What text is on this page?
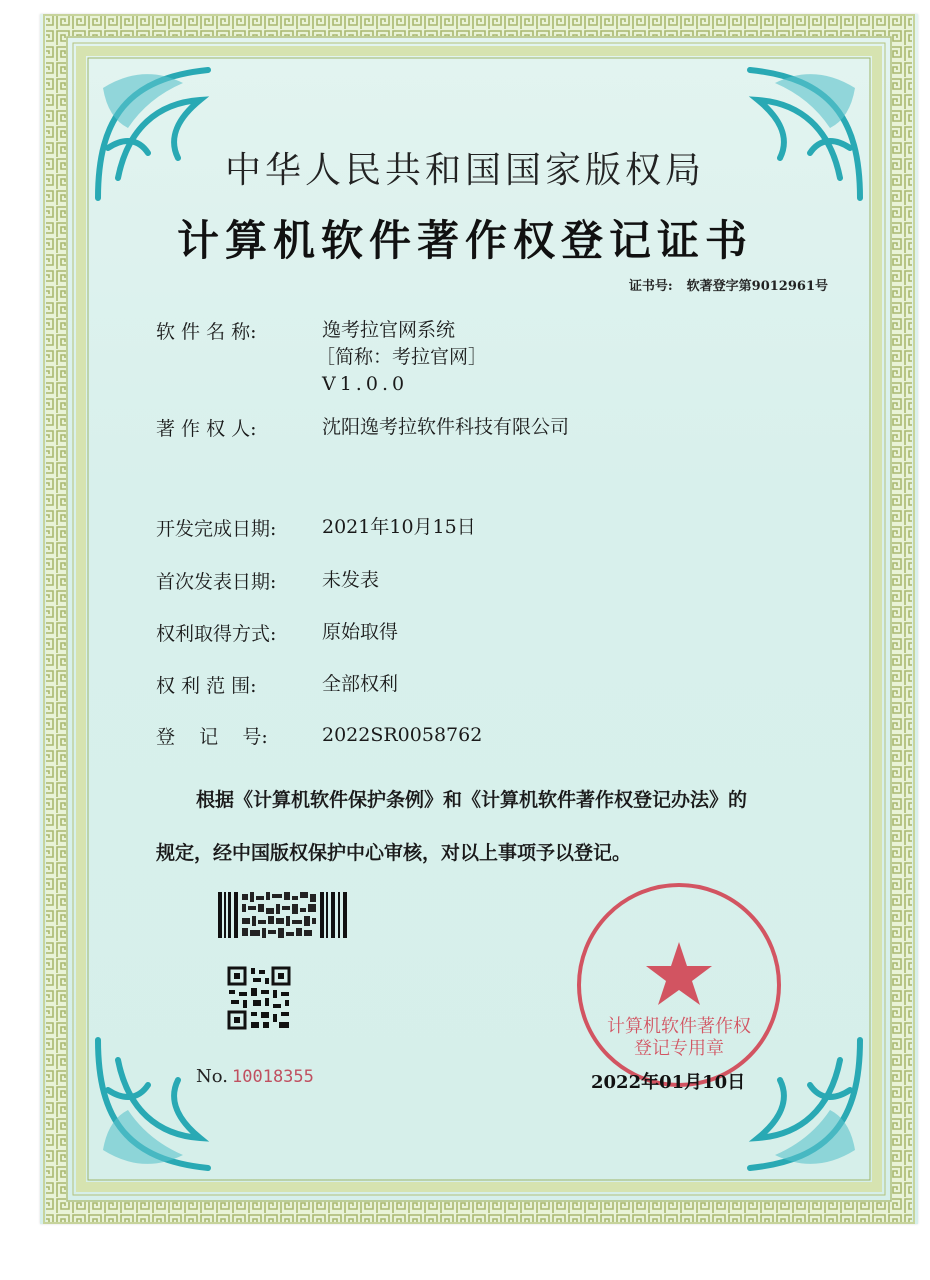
中华人民共和国国家版权局
计算机软件著作权登记证书
证书号: 软著登字第9012961号
软 件 名 称:	逸考拉官网系统
［简称：考拉官网］
V1.0.0
著 作 权 人:	沈阳逸考拉软件科技有限公司
开发完成日期:	2021年10月15日
首次发表日期:	未发表
权利取得方式:	原始取得
权 利 范 围:	全部权利
登    记    号:	2022SR0058762
根据《计算机软件保护条例》和《计算机软件著作权登记办法》的
规定，经中国版权保护中心审核，对以上事项予以登记。
No. 10018355
计算机软件著作权
登记专用章
2022年01月10日
